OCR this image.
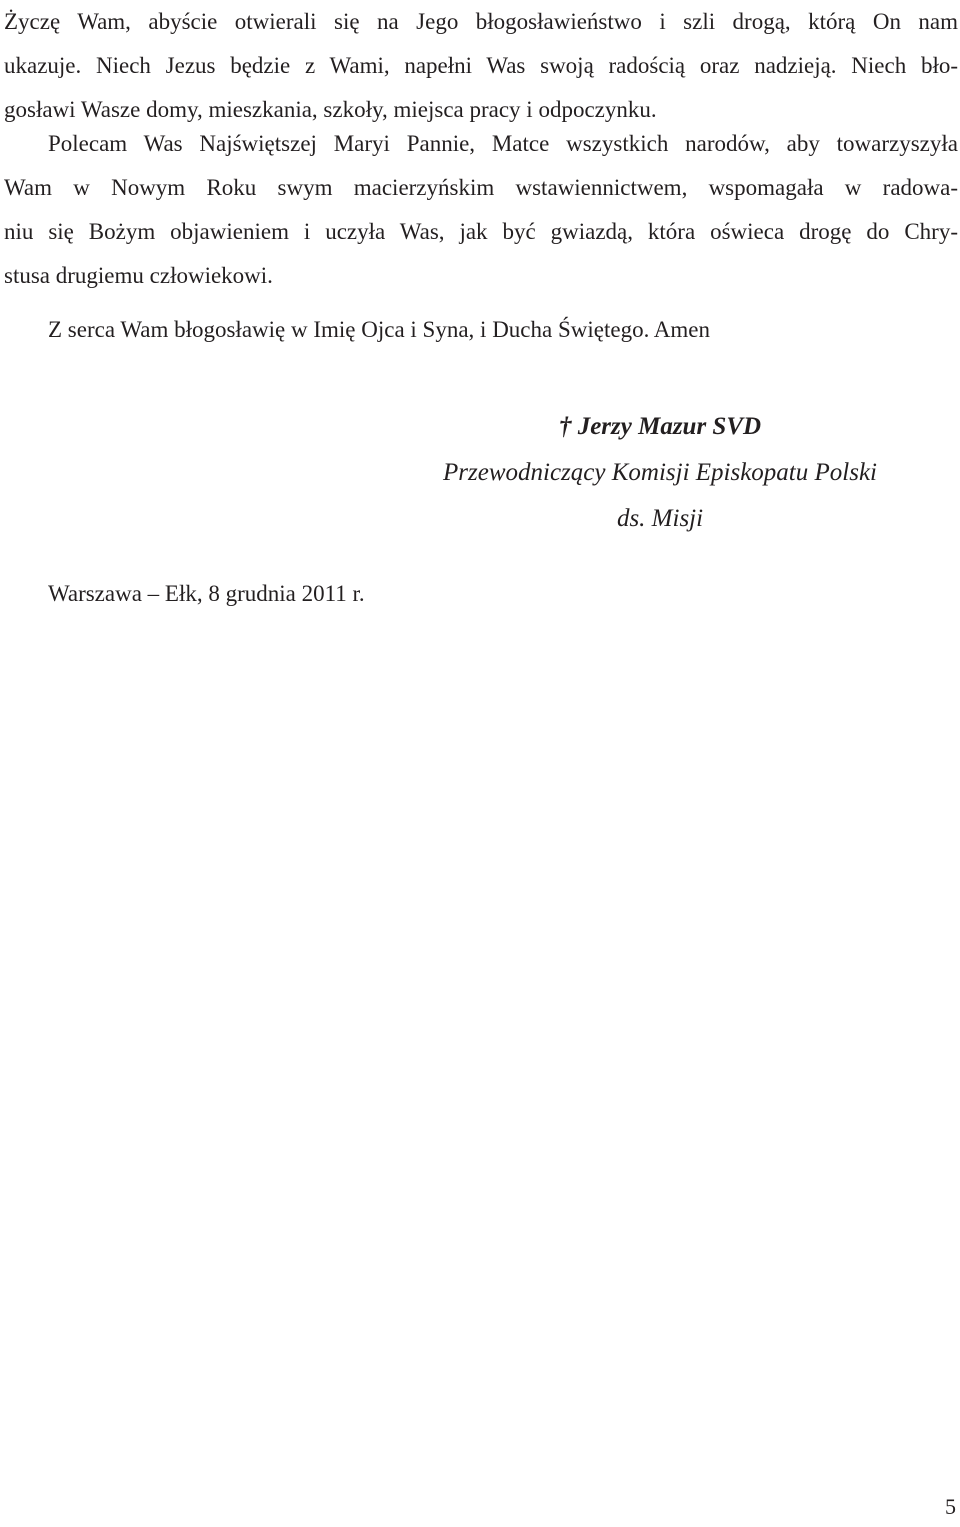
Życzę Wam, abyście otwierali się na Jego błogosławieństwo i szli drogą, którą On nam
ukazuje. Niech Jezus będzie z Wami, napełni Was swoją radością oraz nadzieją. Niech bło-
gosławi Wasze domy, mieszkania, szkoły, miejsca pracy i odpoczynku.

Polecam Was Najświętszej Maryi Pannie, Matce wszystkich narodów, aby towarzyszyła
Wam w Nowym Roku swym macierzyńskim wstawiennictwem, wspomagała w radowa-
niu się Bożym objawieniem i uczyła Was, jak być gwiazdą, która oświeca drogę do Chry-
stusa drugiemu człowiekowi.

Z serca Wam błogosławię w Imię Ojca i Syna, i Ducha Świętego. Amen

† Jerzy Mazur SVD
Przewodniczący Komisji Episkopatu Polski
ds. Misji
Warszawa – Ełk, 8 grudnia 2011 r.
5
